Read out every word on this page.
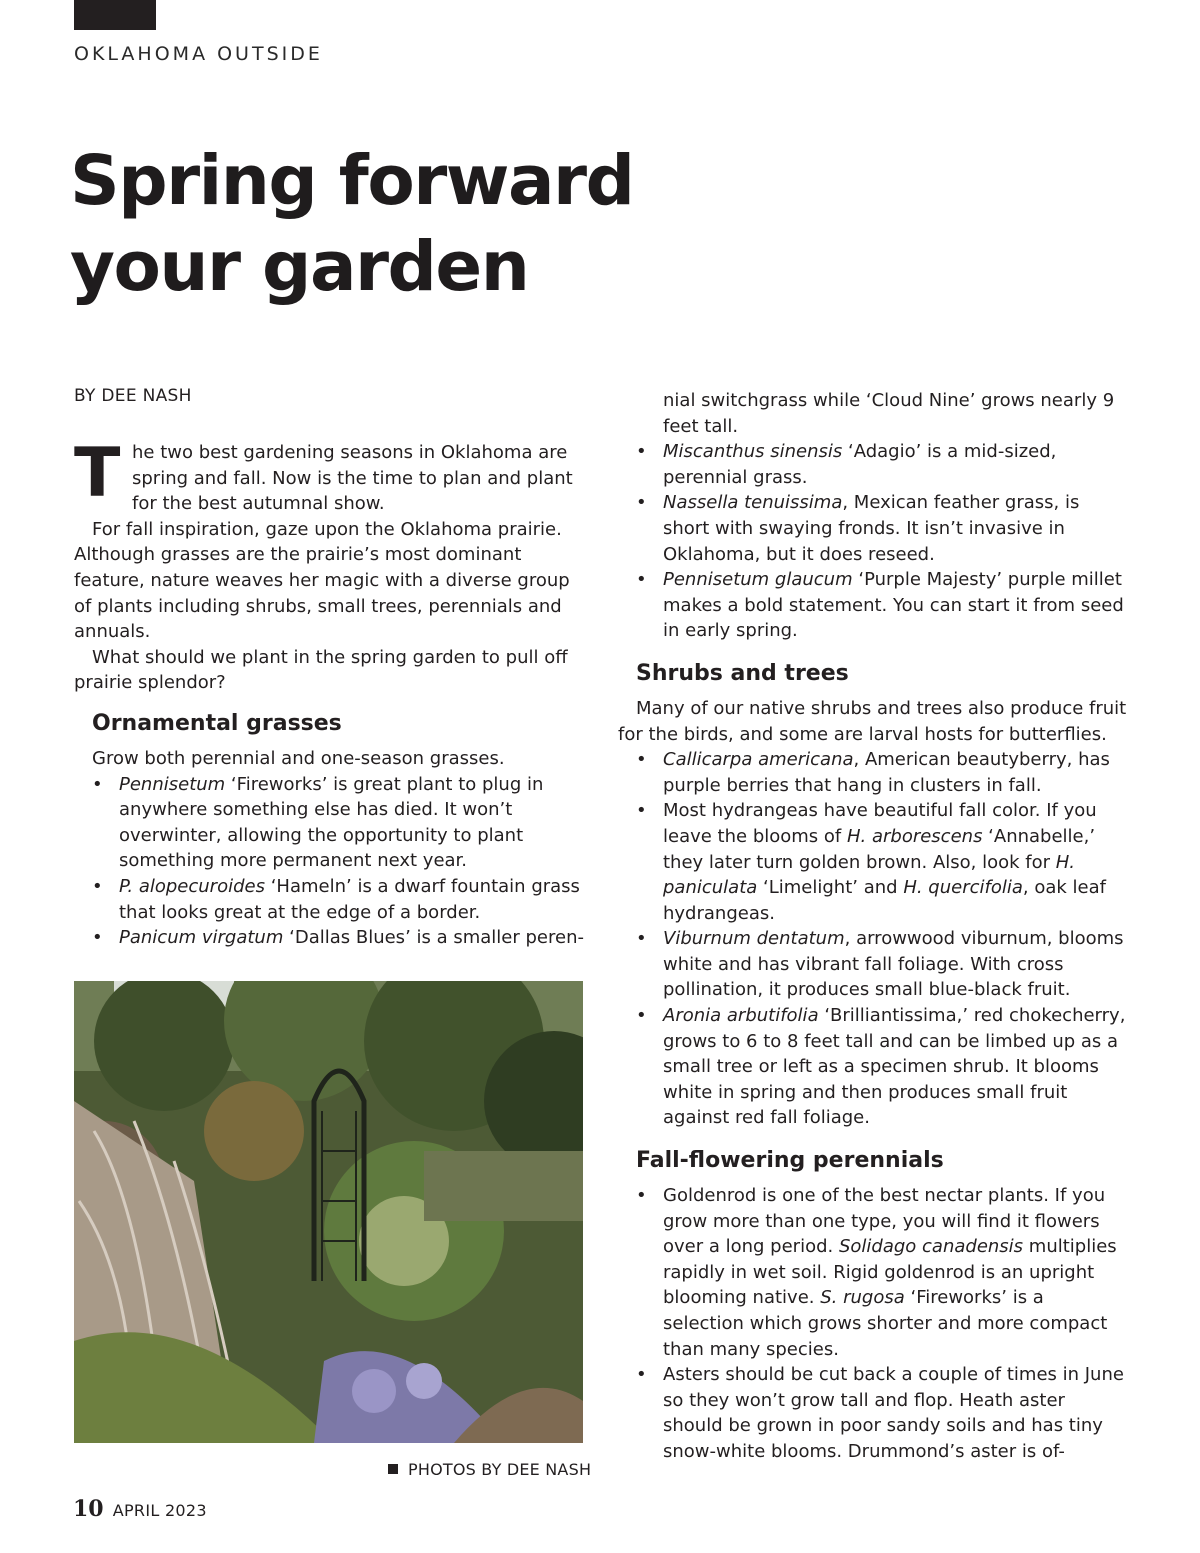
OKLAHOMA OUTSIDE
Spring forward
your garden
BY DEE NASH

T he two best gardening seasons in Oklahoma are spring and fall. Now is the time to plan and plant for the best autumnal show.

For fall inspiration, gaze upon the Oklahoma prairie. Although grasses are the prairie’s most dominant feature, nature weaves her magic with a diverse group of plants including shrubs, small trees, perennials and annuals.

What should we plant in the spring garden to pull off prairie splendor?

Ornamental grasses

Grow both perennial and one-season grasses.

• Pennisetum ‘Fireworks’ is great plant to plug in anywhere something else has died. It won’t overwinter, allowing the opportunity to plant something more permanent next year.
• P. alopecuroides ‘Hameln’ is a dwarf fountain grass that looks great at the edge of a border.
• Panicum virgatum ‘Dallas Blues’ is a smaller peren-
PHOTOS BY DEE NASH

nial switchgrass while ‘Cloud Nine’ grows nearly 9 feet tall.

• Miscanthus sinensis ‘Adagio’ is a mid-sized, perennial grass.
• Nassella tenuissima, Mexican feather grass, is short with swaying fronds. It isn’t invasive in Oklahoma, but it does reseed.
• Pennisetum glaucum ‘Purple Majesty’ purple millet makes a bold statement. You can start it from seed in early spring.
Shrubs and trees

Many of our native shrubs and trees also produce fruit for the birds, and some are larval hosts for butterflies.

• Callicarpa americana, American beautyberry, has purple berries that hang in clusters in fall.
• Most hydrangeas have beautiful fall color. If you leave the blooms of H. arborescens ‘Annabelle,’ they later turn golden brown. Also, look for H. paniculata ‘Limelight’ and H. quercifolia, oak leaf hydrangeas.
• Viburnum dentatum, arrowwood viburnum, blooms white and has vibrant fall foliage. With cross pollination, it produces small blue-black fruit.
• Aronia arbutifolia ‘Brilliantissima,’ red chokecherry, grows to 6 to 8 feet tall and can be limbed up as a small tree or left as a specimen shrub. It blooms white in spring and then produces small fruit against red fall foliage.
Fall-flowering perennials
• Goldenrod is one of the best nectar plants. If you grow more than one type, you will find it flowers over a long period. Solidago canadensis multiplies rapidly in wet soil. Rigid goldenrod is an upright blooming native. S. rugosa ‘Fireworks’ is a selection which grows shorter and more compact than many species.
• Asters should be cut back a couple of times in June so they won’t grow tall and flop. Heath aster should be grown in poor sandy soils and has tiny snow-white blooms. Drummond’s aster is of-
10 APRIL 2023
